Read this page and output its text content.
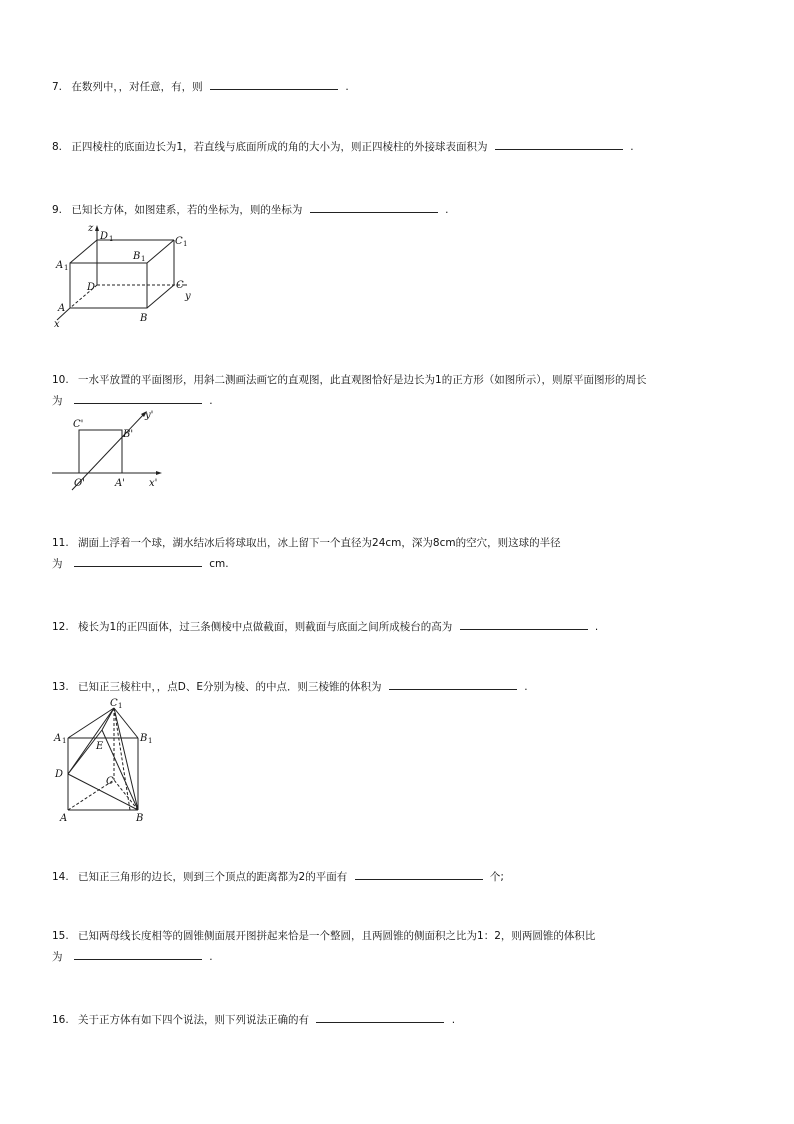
7. 在数列中，，对任意，有，则	.
8. 正四棱柱的底面边长为1，若直线与底面所成的角的大小为，则正四棱柱的外接球表面积为	.
9. 已知长方体，如图建系，若的坐标为，则的坐标为	.
z
D 1	C 1
A 1
B 1
D	C
y
A
B
x
10. 一水平放置的平面图形，用斜二测画法画它的直观图，此直观图恰好是边长为1的正方形（如图所示），则原平面图形的周长
为	.
y'
C'
B'
O'	A' x'
11. 湖面上浮着一个球，湖水结冰后将球取出，冰上留下一个直径为24cm，深为8cm的空穴，则这球的半径
为	cm.
12. 棱长为1的正四面体，过三条侧棱中点做截面，则截面与底面之间所成棱台的高为	.
13. 已知正三棱柱中，，点D、E分别为棱、的中点．则三棱锥的体积为	.
C 1
A 1	B 1
E
D
C
A	B
14. 已知正三角形的边长，则到三个顶点的距离都为2的平面有	个;
15. 已知两母线长度相等的圆锥侧面展开图拼起来恰是一个整圆，且两圆锥的侧面积之比为1：2，则两圆锥的体积比
为	.
16. 关于正方体有如下四个说法，则下列说法正确的有	.
